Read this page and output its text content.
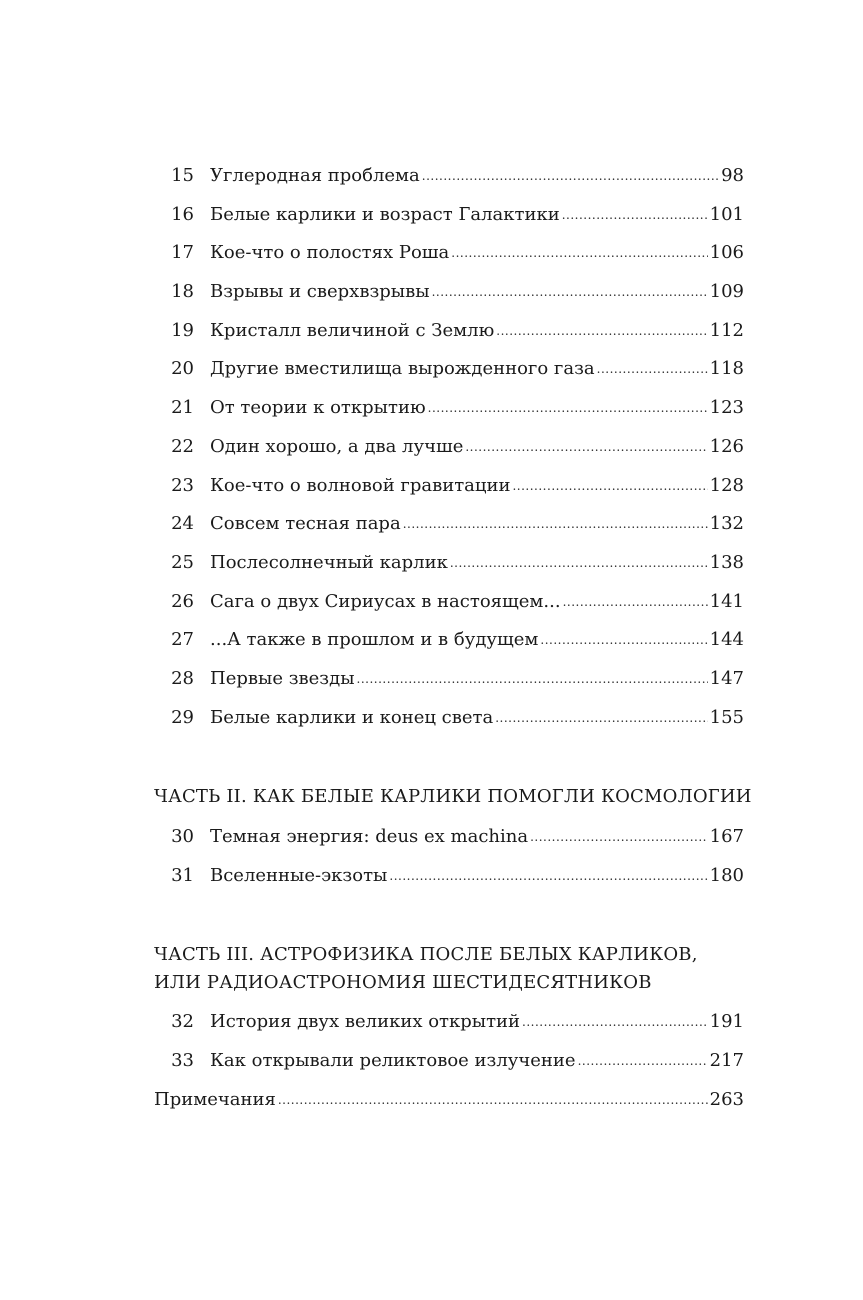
15 Углеродная проблема .....	98
16 Белые карлики и возраст Галактики .....	101
17 Кое-что о полостях Роша .....	106
18 Взрывы и сверхвзрывы .....	109
19 Кристалл величиной с Землю .....	112
20 Другие вместилища вырожденного газа .....	118
21 От теории к открытию .....	123
22 Один хорошо, а два лучше .....	126
23 Кое-что о волновой гравитации .....	128
24 Совсем тесная пара .....	132
25 Послесолнечный карлик .....	138
26 Сага о двух Сириусах в настоящем... .....	141
27 ...А также в прошлом и в будущем .....	144
28 Первые звезды .....	147
29 Белые карлики и конец света .....	155
ЧАСТЬ II. КАК БЕЛЫЕ КАРЛИКИ ПОМОГЛИ КОСМОЛОГИИ
30 Темная энергия: deus ex machina .....	167
31 Вселенные-экзоты .....	180
ЧАСТЬ III. АСТРОФИЗИКА ПОСЛЕ БЕЛЫХ КАРЛИКОВ,
ИЛИ РАДИОАСТРОНОМИЯ ШЕСТИДЕСЯТНИКОВ
32 История двух великих открытий .....	191
33 Как открывали реликтовое излучение .....	217
Примечания .....	263
